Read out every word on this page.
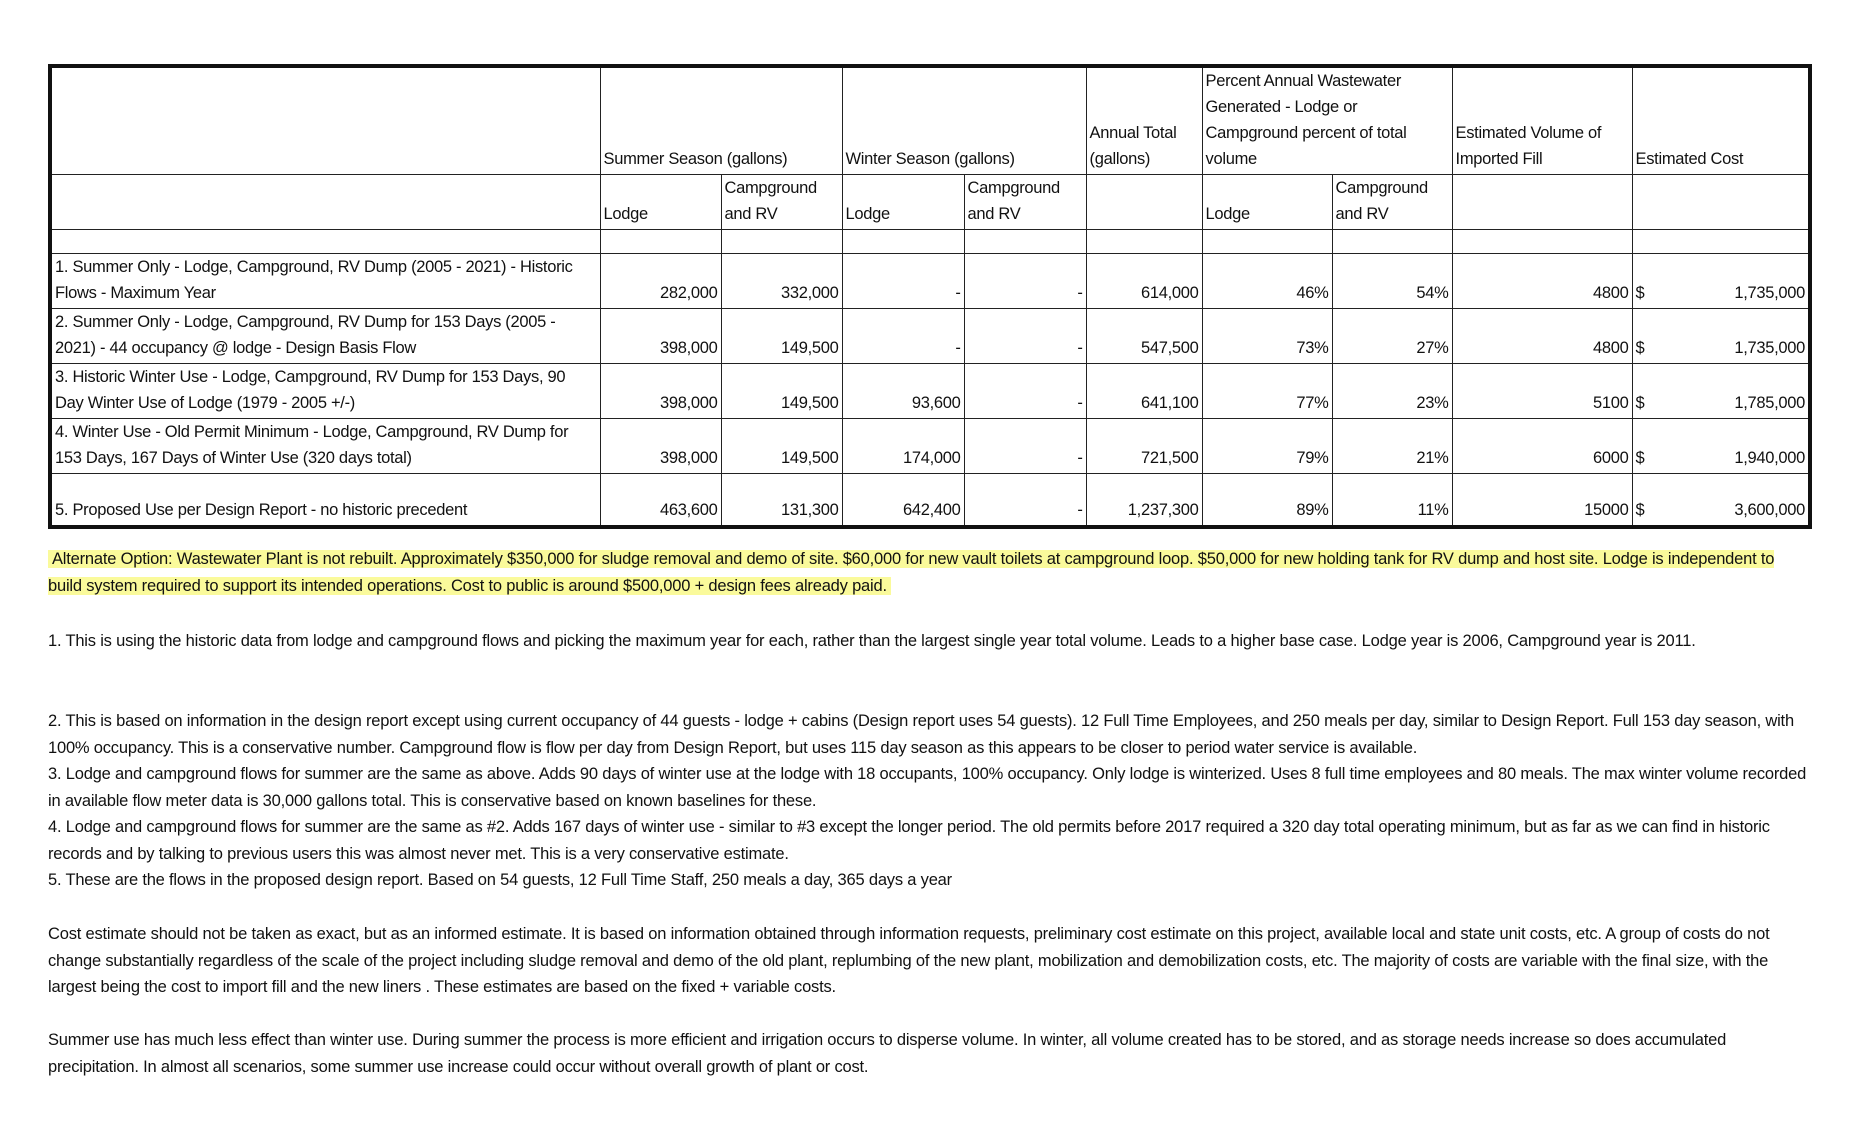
	Summer Season (gallons)		Winter Season (gallons)		Annual Total (gallons)	Percent Annual Wastewater Generated - Lodge or Campground percent of total volume		Estimated Volume of Imported Fill	Estimated Cost
	Lodge	Campground and RV	Lodge	Campground and RV		Lodge	Campground and RV		

1. Summer Only - Lodge, Campground, RV Dump (2005 - 2021) - Historic Flows - Maximum Year	282,000	332,000	-	-	614,000	46%	54%	4800	$ 1,735,000

2. Summer Only - Lodge, Campground, RV Dump for 153 Days (2005 - 2021) - 44 occupancy @ lodge - Design Basis Flow	398,000	149,500	-	-	547,500	73%	27%	4800	$ 1,735,000

3. Historic Winter Use - Lodge, Campground, RV Dump for 153 Days, 90 Day Winter Use of Lodge (1979 - 2005 +/-)	398,000	149,500	93,600	-	641,100	77%	23%	5100	$ 1,785,000

4. Winter Use - Old Permit Minimum - Lodge, Campground, RV Dump for 153 Days, 167 Days of Winter Use (320 days total)	398,000	149,500	174,000	-	721,500	79%	21%	6000	$ 1,940,000

5. Proposed Use per Design Report - no historic precedent	463,600	131,300	642,400	-	1,237,300	89%	11%	15000	$ 3,600,000
Alternate Option: Wastewater Plant is not rebuilt. Approximately $350,000 for sludge removal and demo of site. $60,000 for new vault toilets at campground loop. $50,000 for new holding tank for RV dump and host site. Lodge is independent to build system required to support its intended operations. Cost to public is around $500,000 + design fees already paid.
1. This is using the historic data from lodge and campground flows and picking the maximum year for each, rather than the largest single year total volume. Leads to a higher base case. Lodge year is 2006, Campground year is 2011.
2. This is based on information in the design report except using current occupancy of 44 guests - lodge + cabins (Design report uses 54 guests). 12 Full Time Employees, and 250 meals per day, similar to Design Report. Full 153 day season, with 100% occupancy. This is a conservative number. Campground flow is flow per day from Design Report, but uses 115 day season as this appears to be closer to period water service is available.
3. Lodge and campground flows for summer are the same as above. Adds 90 days of winter use at the lodge with 18 occupants, 100% occupancy. Only lodge is winterized. Uses 8 full time employees and 80 meals. The max winter volume recorded in available flow meter data is 30,000 gallons total. This is conservative based on known baselines for these.
4. Lodge and campground flows for summer are the same as #2. Adds 167 days of winter use - similar to #3 except the longer period. The old permits before 2017 required a 320 day total operating minimum, but as far as we can find in historic records and by talking to previous users this was almost never met. This is a very conservative estimate.
5. These are the flows in the proposed design report. Based on 54 guests, 12 Full Time Staff, 250 meals a day, 365 days a year
Cost estimate should not be taken as exact, but as an informed estimate. It is based on information obtained through information requests, preliminary cost estimate on this project, available local and state unit costs, etc. A group of costs do not change substantially regardless of the scale of the project including sludge removal and demo of the old plant, replumbing of the new plant, mobilization and demobilization costs, etc. The majority of costs are variable with the final size, with the largest being the cost to import fill and the new liners . These estimates are based on the fixed + variable costs.
Summer use has much less effect than winter use. During summer the process is more efficient and irrigation occurs to disperse volume. In winter, all volume created has to be stored, and as storage needs increase so does accumulated precipitation. In almost all scenarios, some summer use increase could occur without overall growth of plant or cost.
